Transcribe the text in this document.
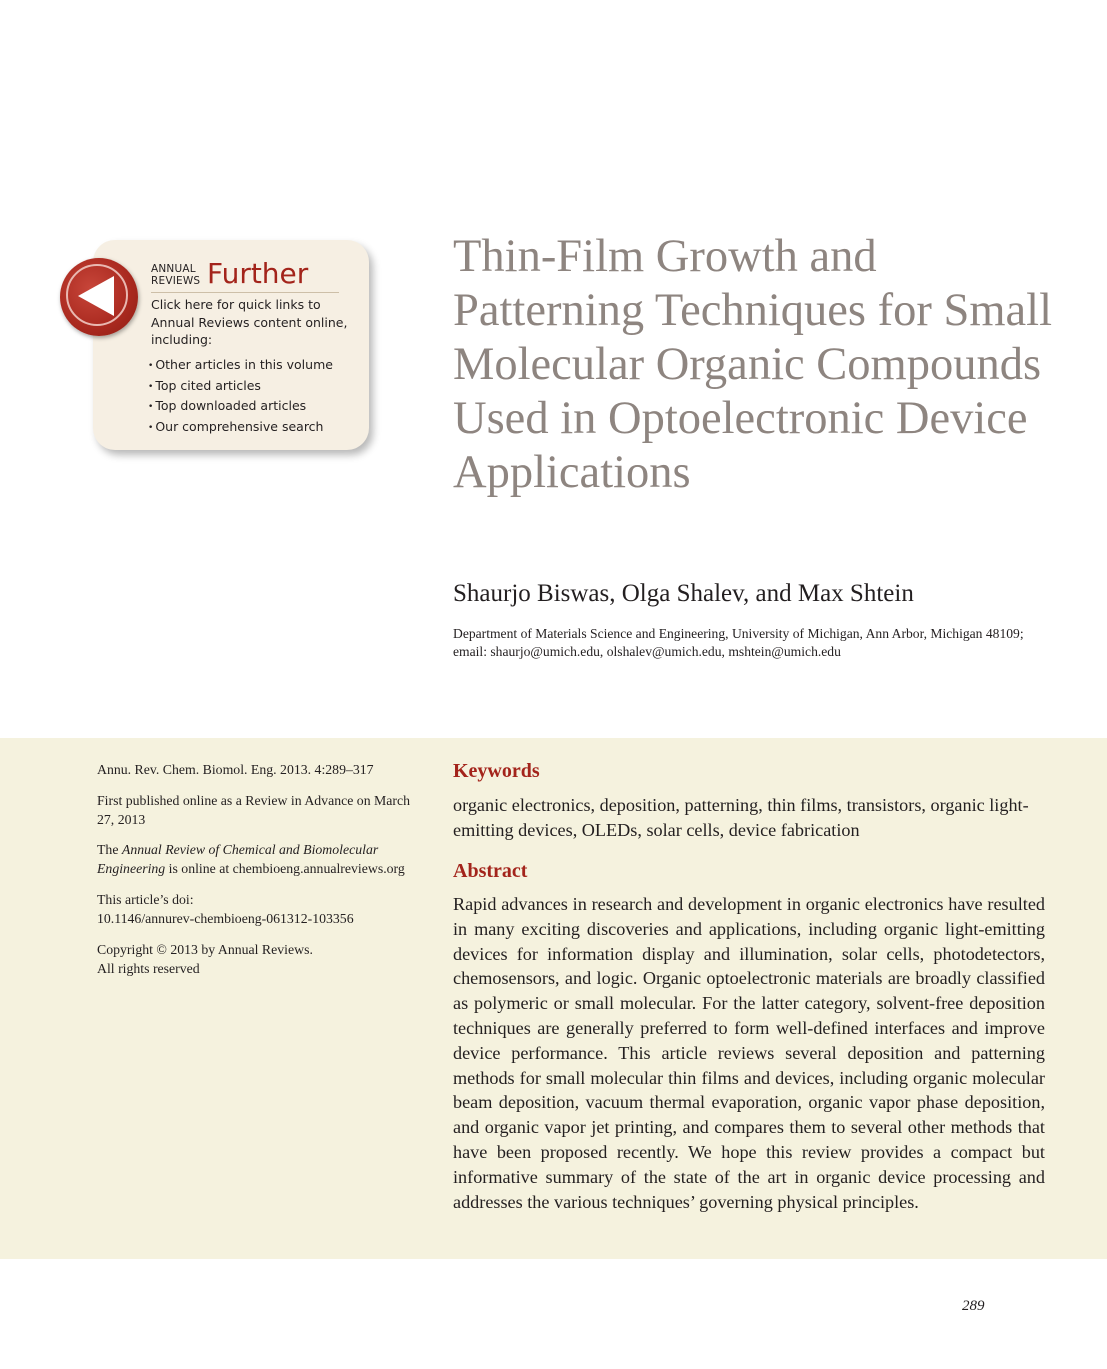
ANNUAL
REVIEWS Further
Click here for quick links to Annual Reviews content online, including:
• Other articles in this volume
• Top cited articles
• Top downloaded articles
• Our comprehensive search
Thin-Film Growth and Patterning Techniques for Small Molecular Organic Compounds Used in Optoelectronic Device Applications
Shaurjo Biswas, Olga Shalev, and Max Shtein
Department of Materials Science and Engineering, University of Michigan, Ann Arbor, Michigan 48109; email: shaurjo@umich.edu, olshalev@umich.edu, mshtein@umich.edu
Annu. Rev. Chem. Biomol. Eng. 2013. 4:289–317
First published online as a Review in Advance on March 27, 2013
The Annual Review of Chemical and Biomolecular Engineering is online at chembioeng.annualreviews.org
This article’s doi:
10.1146/annurev-chembioeng-061312-103356
Copyright © 2013 by Annual Reviews.
All rights reserved
Keywords
organic electronics, deposition, patterning, thin films, transistors, organic light-emitting devices, OLEDs, solar cells, device fabrication
Abstract
Rapid advances in research and development in organic electronics have resulted in many exciting discoveries and applications, including organic light-emitting devices for information display and illumination, solar cells, photodetectors, chemosensors, and logic. Organic optoelectronic materials are broadly classified as polymeric or small molecular. For the latter category, solvent-free deposition techniques are generally preferred to form well-defined interfaces and improve device performance. This article reviews several deposition and patterning methods for small molecular thin films and devices, including organic molecular beam deposition, vacuum thermal evaporation, organic vapor phase deposition, and organic vapor jet printing, and compares them to several other methods that have been proposed recently. We hope this review provides a compact but informative summary of the state of the art in organic device processing and addresses the various techniques’ governing physical principles.
289
